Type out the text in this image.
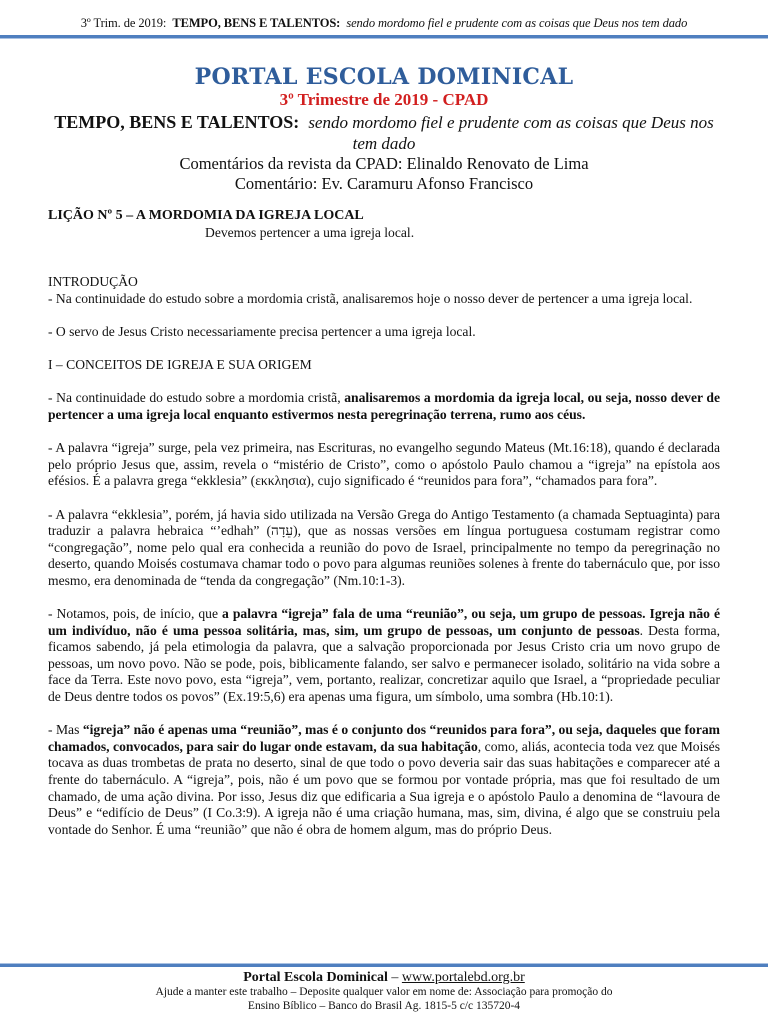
3º Trim. de 2019: TEMPO, BENS E TALENTOS: sendo mordomo fiel e prudente com as coisas que Deus nos tem dado
PORTAL ESCOLA DOMINICAL
3º Trimestre de 2019 - CPAD
TEMPO, BENS E TALENTOS: sendo mordomo fiel e prudente com as coisas que Deus nos tem dado
Comentários da revista da CPAD: Elinaldo Renovato de Lima
Comentário: Ev. Caramuru Afonso Francisco
LIÇÃO Nº 5 – A MORDOMIA DA IGREJA LOCAL
Devemos pertencer a uma igreja local.
INTRODUÇÃO

- Na continuidade do estudo sobre a mordomia cristã, analisaremos hoje o nosso dever de pertencer a uma igreja local.

- O servo de Jesus Cristo necessariamente precisa pertencer a uma igreja local.

I – CONCEITOS DE IGREJA E SUA ORIGEM

- Na continuidade do estudo sobre a mordomia cristã, analisaremos a mordomia da igreja local, ou seja, nosso dever de pertencer a uma igreja local enquanto estivermos nesta peregrinação terrena, rumo aos céus.

- A palavra “igreja” surge, pela vez primeira, nas Escrituras, no evangelho segundo Mateus (Mt.16:18), quando é declarada pelo próprio Jesus que, assim, revela o “mistério de Cristo”, como o apóstolo Paulo chamou a “igreja” na epístola aos efésios. É a palavra grega “ekklesia” (εκκλησια), cujo significado é “reunidos para fora”, “chamados para fora”.

- A palavra “ekklesia”, porém, já havia sido utilizada na Versão Grega do Antigo Testamento (a chamada Septuaginta) para traduzir a palavra hebraica “’edhah” (עֵדָה), que as nossas versões em língua portuguesa costumam registrar como “congregação”, nome pelo qual era conhecida a reunião do povo de Israel, principalmente no tempo da peregrinação no deserto, quando Moisés costumava chamar todo o povo para algumas reuniões solenes à frente do tabernáculo que, por isso mesmo, era denominada de “tenda da congregação” (Nm.10:1-3).

- Notamos, pois, de início, que a palavra “igreja” fala de uma “reunião”, ou seja, um grupo de pessoas. Igreja não é um indivíduo, não é uma pessoa solitária, mas, sim, um grupo de pessoas, um conjunto de pessoas. Desta forma, ficamos sabendo, já pela etimologia da palavra, que a salvação proporcionada por Jesus Cristo cria um novo grupo de pessoas, um novo povo. Não se pode, pois, biblicamente falando, ser salvo e permanecer isolado, solitário na vida sobre a face da Terra. Este novo povo, esta “igreja”, vem, portanto, realizar, concretizar aquilo que Israel, a “propriedade peculiar de Deus dentre todos os povos” (Ex.19:5,6) era apenas uma figura, um símbolo, uma sombra (Hb.10:1).

- Mas “igreja” não é apenas uma “reunião”, mas é o conjunto dos “reunidos para fora”, ou seja, daqueles que foram chamados, convocados, para sair do lugar onde estavam, da sua habitação, como, aliás, acontecia toda vez que Moisés tocava as duas trombetas de prata no deserto, sinal de que todo o povo deveria sair das suas habitações e comparecer até a frente do tabernáculo. A “igreja”, pois, não é um povo que se formou por vontade própria, mas que foi resultado de um chamado, de uma ação divina. Por isso, Jesus diz que edificaria a Sua igreja e o apóstolo Paulo a denomina de “lavoura de Deus” e “edifício de Deus” (I Co.3:9). A igreja não é uma criação humana, mas, sim, divina, é algo que se construiu pela vontade do Senhor. É uma “reunião” que não é obra de homem algum, mas do próprio Deus.

Portal Escola Dominical – www.portalebd.org.br
Ajude a manter este trabalho – Deposite qualquer valor em nome de: Associação para promoção do Ensino Bíblico – Banco do Brasil Ag. 1815-5 c/c 135720-4
